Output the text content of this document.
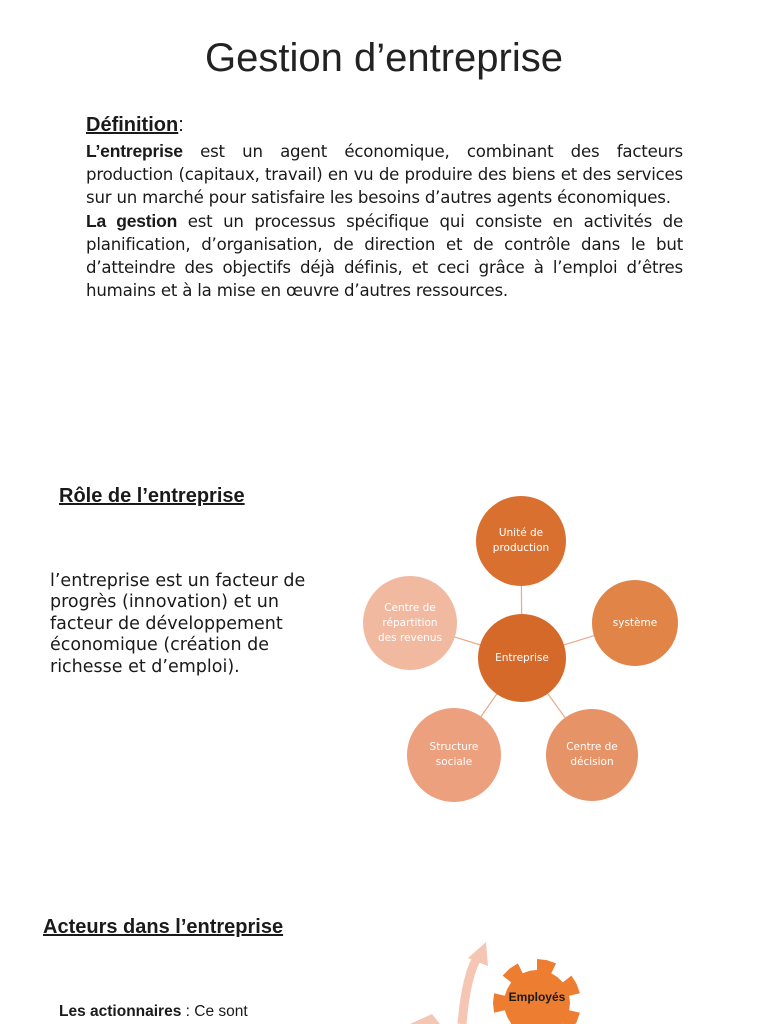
Gestion d’entreprise
Définition:

L’entreprise est un agent économique, combinant des facteurs production (capitaux, travail) en vu de produire des biens et des services sur un marché pour satisfaire les besoins d’autres agents économiques.

La gestion est un processus spécifique qui consiste en activités de planification, d’organisation, de direction et de contrôle dans le but d’atteindre des objectifs déjà définis, et ceci grâce à l’emploi d’êtres humains et à la mise en œuvre d’autres ressources.

Rôle de l’entreprise
l’entreprise est un facteur de progrès (innovation) et un facteur de développement économique (création de richesse et d’emploi).
Unité de production
système
Centre de décision
Structure sociale
Centre de répartition des revenus
Entreprise
Acteurs dans l’entreprise
Les actionnaires : Ce sont
Employés
